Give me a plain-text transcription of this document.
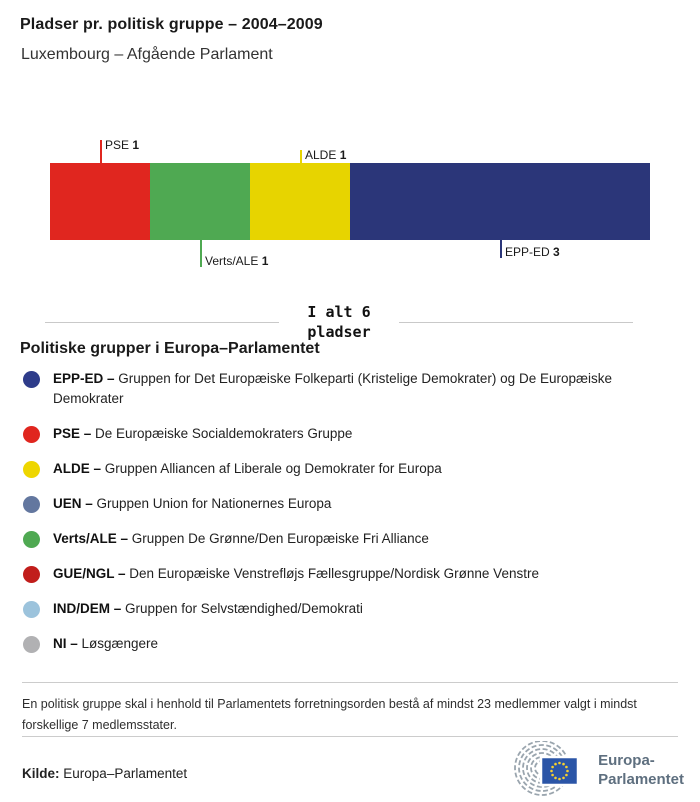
Pladser pr. politisk gruppe – 2004–2009

Luxembourg – Afgående Parlament

PSE 1
Verts/ALE 1
ALDE 1
EPP-ED 3
I alt 6
pladser
Politiske grupper i Europa–Parlamentet

EPP-ED – Gruppen for Det Europæiske Folkeparti (Kristelige Demokrater) og De Europæiske Demokrater

PSE – De Europæiske Socialdemokraters Gruppe

ALDE – Gruppen Alliancen af Liberale og Demokrater for Europa

UEN – Gruppen Union for Nationernes Europa

Verts/ALE – Gruppen De Grønne/Den Europæiske Fri Alliance

GUE/NGL – Den Europæiske Venstrefløjs Fællesgruppe/Nordisk Grønne Venstre

IND/DEM – Gruppen for Selvstændighed/Demokrati

NI – Løsgængere

En politisk gruppe skal i henhold til Parlamentets forretningsorden bestå af mindst 23 medlemmer valgt i mindst forskellige 7 medlemsstater.

Kilde: Europa–Parlamentet

Europa-
Parlamentet
